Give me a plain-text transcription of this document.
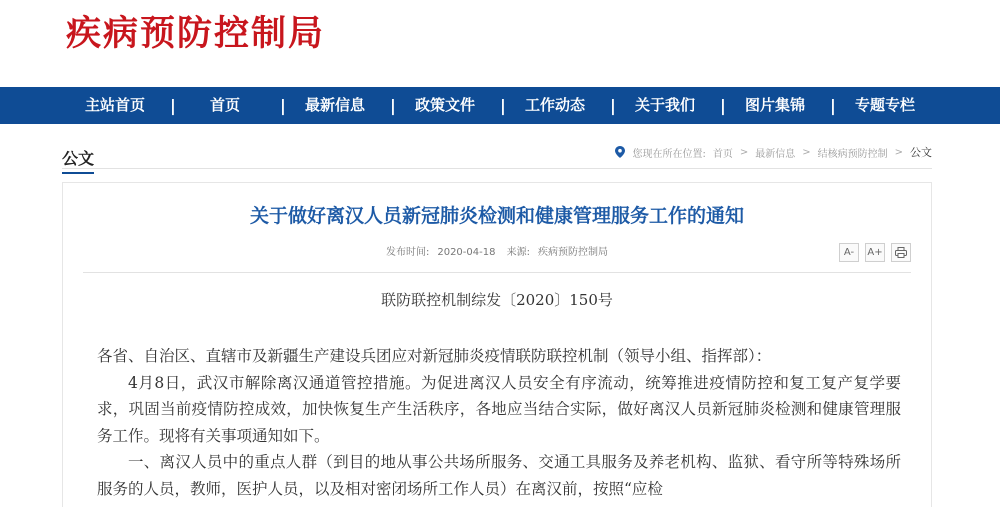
疾病预防控制局
主站首页	|	首页	|	最新信息	|	政策文件	|	工作动态	|	关于我们	|	图片集锦	|	专题专栏
公文	您现在所在位置: 首页 > 最新信息 > 结核病预防控制 > 公文
关于做好离汉人员新冠肺炎检测和健康管理服务工作的通知
发布时间: 2020-04-18 来源: 疾病预防控制局	A-	A+
联防联控机制综发〔2020〕150号

各省、自治区、直辖市及新疆生产建设兵团应对新冠肺炎疫情联防联控机制（领导小组、指挥部）：

4月8日，武汉市解除离汉通道管控措施。为促进离汉人员安全有序流动，统筹推进疫情防控和复工复产复学要求，巩固当前疫情防控成效，加快恢复生产生活秩序，各地应当结合实际，做好离汉人员新冠肺炎检测和健康管理服务工作。现将有关事项通知如下。

一、离汉人员中的重点人群（到目的地从事公共场所服务、交通工具服务及养老机构、监狱、看守所等特殊场所服务的人员，教师，医护人员，以及相对密闭场所工作人员）在离汉前，按照“应检
